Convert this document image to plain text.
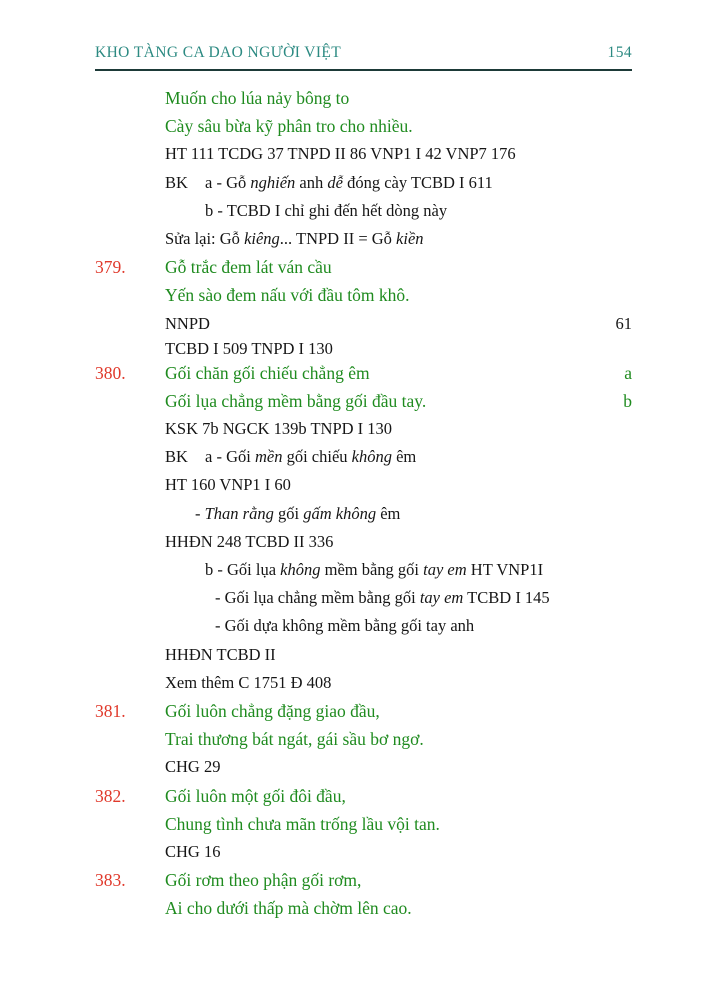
KHO TÀNG CA DAO NGƯỜI VIỆT	154
Muốn cho lúa nảy bông to
Cày sâu bừa kỹ phân tro cho nhiều.
HT 111 TCDG 37 TNPD II 86 VNP1 I 42 VNP7 176
BK a - Gỗ nghiến anh dễ đóng cày TCBD I 611
b - TCBD I chỉ ghi đến hết dòng này
Sửa lại: Gỗ kiêng... TNPD II = Gỗ kiền
379.	Gỗ trắc đem lát ván cầu
Yến sào đem nấu với đầu tôm khô.
NNPD	61
TCBD I 509 TNPD I 130
380.	Gối chăn gối chiếu chẳng êm	a
Gối lụa chẳng mềm bằng gối đầu tay.	b
KSK 7b NGCK 139b TNPD I 130
BK a - Gối mền gối chiếu không êm
HT 160 VNP1 I 60
- Than rằng gối gấm không êm
HHĐN 248 TCBD II 336
b - Gối lụa không mềm bằng gối tay em HT VNP1I
- Gối lụa chẳng mềm bằng gối tay em TCBD I 145
- Gối dựa không mềm bằng gối tay anh
HHĐN TCBD II
Xem thêm C 1751 Đ 408
381.	Gối luôn chẳng đặng giao đầu,
Trai thương bát ngát, gái sầu bơ ngơ.
CHG 29
382.	Gối luôn một gối đôi đầu,
Chung tình chưa mãn trống lầu vội tan.
CHG 16
383.	Gối rơm theo phận gối rơm,
Ai cho dưới thấp mà chờm lên cao.
